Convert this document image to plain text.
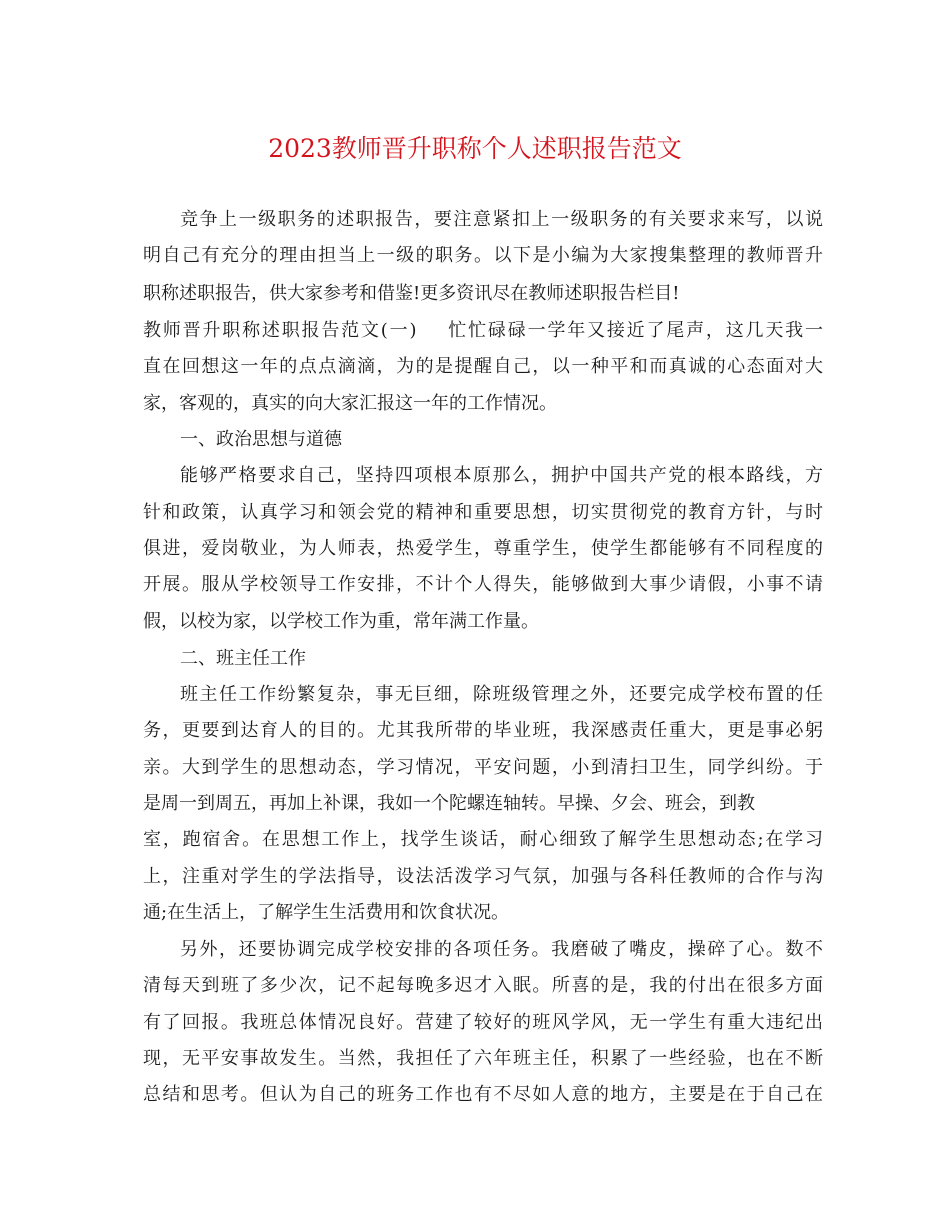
2023教师晋升职称个人述职报告范文
竞争上一级职务的述职报告，要注意紧扣上一级职务的有关要求来写，以说
明自己有充分的理由担当上一级的职务。以下是小编为大家搜集整理的教师晋升
职称述职报告，供大家参考和借鉴!更多资讯尽在教师述职报告栏目!
教师晋升职称述职报告范文(一) 忙忙碌碌一学年又接近了尾声，这几天我一
直在回想这一年的点点滴滴，为的是提醒自己，以一种平和而真诚的心态面对大
家，客观的，真实的向大家汇报这一年的工作情况。
一、政治思想与道德
能够严格要求自己，坚持四项根本原那么，拥护中国共产党的根本路线，方
针和政策，认真学习和领会党的精神和重要思想，切实贯彻党的教育方针，与时
俱进，爱岗敬业，为人师表，热爱学生，尊重学生，使学生都能够有不同程度的
开展。服从学校领导工作安排，不计个人得失，能够做到大事少请假，小事不请
假，以校为家，以学校工作为重，常年满工作量。
二、班主任工作
班主任工作纷繁复杂，事无巨细，除班级管理之外，还要完成学校布置的任
务，更要到达育人的目的。尤其我所带的毕业班，我深感责任重大，更是事必躬
亲。大到学生的思想动态，学习情况，平安问题，小到清扫卫生，同学纠纷。于
是周一到周五，再加上补课，我如一个陀螺连轴转。早操、夕会、班会，到教
室，跑宿舍。在思想工作上，找学生谈话，耐心细致了解学生思想动态;在学习
上，注重对学生的学法指导，设法活泼学习气氛，加强与各科任教师的合作与沟
通;在生活上，了解学生生活费用和饮食状况。
另外，还要协调完成学校安排的各项任务。我磨破了嘴皮，操碎了心。数不
清每天到班了多少次，记不起每晚多迟才入眠。所喜的是，我的付出在很多方面
有了回报。我班总体情况良好。营建了较好的班风学风，无一学生有重大违纪出
现，无平安事故发生。当然，我担任了六年班主任，积累了一些经验，也在不断
总结和思考。但认为自己的班务工作也有不尽如人意的地方，主要是在于自己在
